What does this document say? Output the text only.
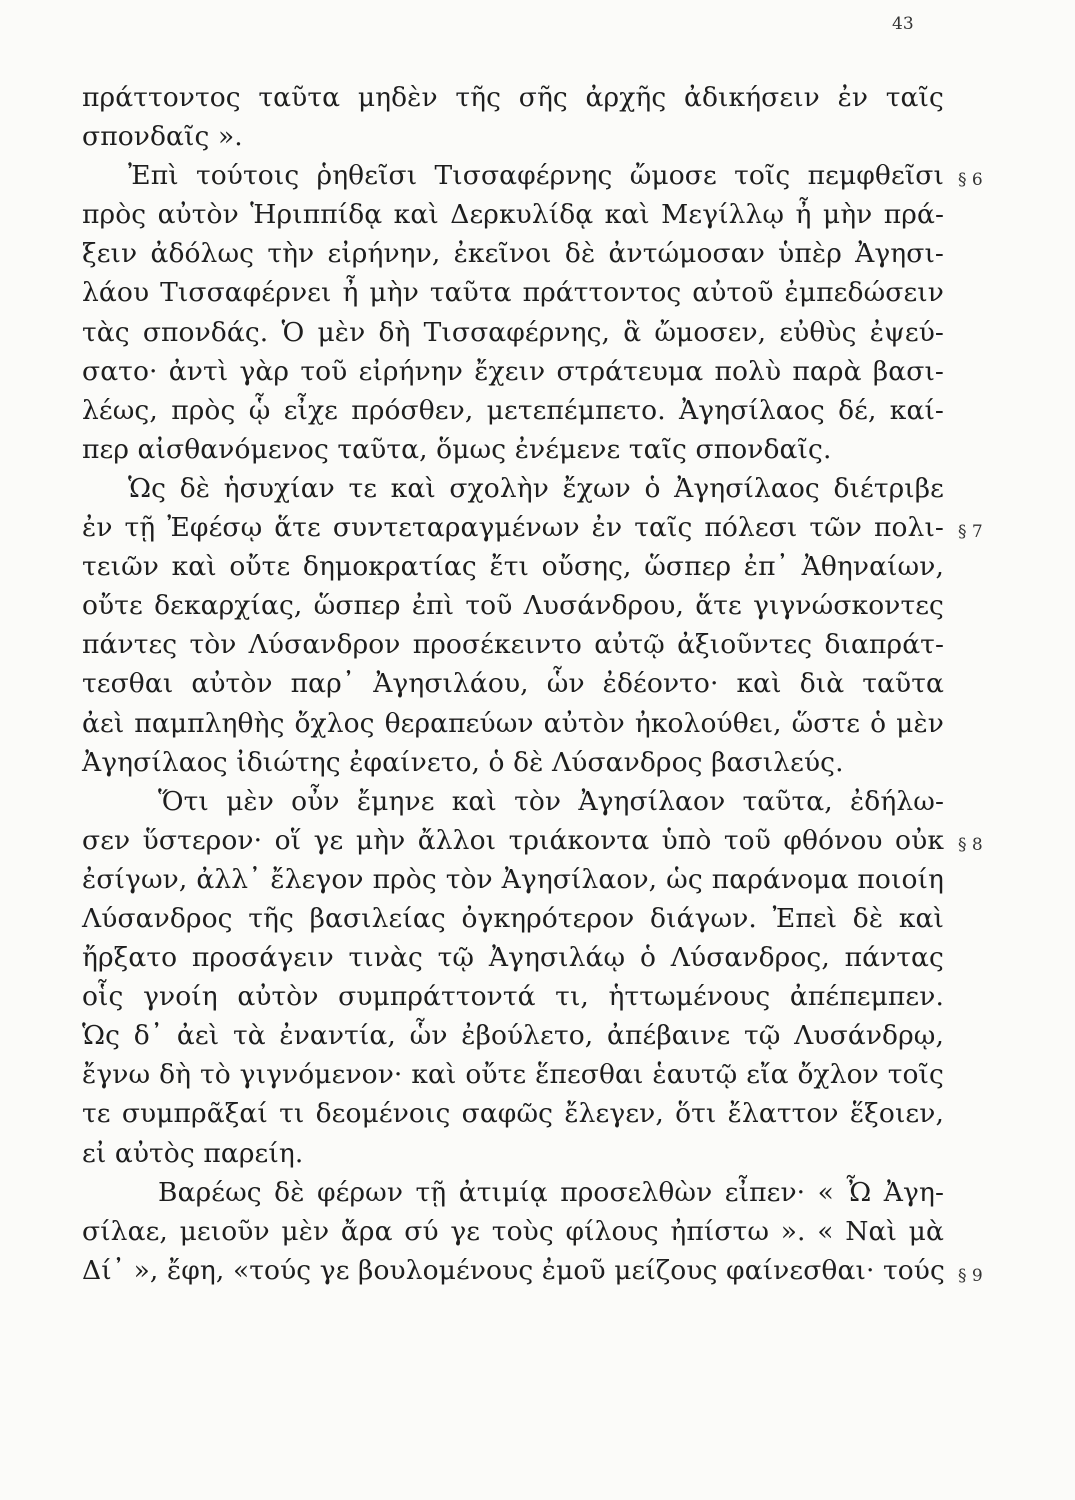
43
πράττοντος ταῦτα μηδὲν τῆς σῆς ἀρχῆς ἀδικήσειν ἐν ταῖς
σπονδαῖς ».
Ἐπὶ τούτοις ῥηθεῖσι Τισσαφέρνης ὤμοσε τοῖς πεμφθεῖσι
πρὸς αὐτὸν Ἡριππίδᾳ καὶ Δερκυλίδᾳ καὶ Μεγίλλῳ ἦ μὴν πρά-
ξειν ἀδόλως τὴν εἰρήνην, ἐκεῖνοι δὲ ἀντώμοσαν ὑπὲρ Ἀγησι-
λάου Τισσαφέρνει ἦ μὴν ταῦτα πράττοντος αὐτοῦ ἐμπεδώσειν
τὰς σπονδάς. Ὁ μὲν δὴ Τισσαφέρνης, ἃ ὤμοσεν, εὐθὺς ἐψεύ-
σατο· ἀντὶ γὰρ τοῦ εἰρήνην ἔχειν στράτευμα πολὺ παρὰ βασι-
λέως, πρὸς ᾧ εἶχε πρόσθεν, μετεπέμπετο. Ἀγησίλαος δέ, καί-
περ αἰσθανόμενος ταῦτα, ὅμως ἐνέμενε ταῖς σπονδαῖς.
Ὡς δὲ ἡσυχίαν τε καὶ σχολὴν ἔχων ὁ Ἀγησίλαος διέτριβε
ἐν τῇ Ἐφέσῳ ἅτε συντεταραγμένων ἐν ταῖς πόλεσι τῶν πολι-
τειῶν καὶ οὔτε δημοκρατίας ἔτι οὔσης, ὥσπερ ἐπ᾽ Ἀθηναίων,
οὔτε δεκαρχίας, ὥσπερ ἐπὶ τοῦ Λυσάνδρου, ἅτε γιγνώσκοντες
πάντες τὸν Λύσανδρον προσέκειντο αὐτῷ ἀξιοῦντες διαπράτ-
τεσθαι αὐτὸν παρ᾽ Ἀγησιλάου, ὧν ἐδέοντο· καὶ διὰ ταῦτα
ἀεὶ παμπληθὴς ὄχλος θεραπεύων αὐτὸν ἠκολούθει, ὥστε ὁ μὲν
Ἀγησίλαος ἰδιώτης ἐφαίνετο, ὁ δὲ Λύσανδρος βασιλεύς.
Ὅτι μὲν οὖν ἔμηνε καὶ τὸν Ἀγησίλαον ταῦτα, ἐδήλω-
σεν ὕστερον· οἵ γε μὴν ἄλλοι τριάκοντα ὑπὸ τοῦ φθόνου οὐκ
ἐσίγων, ἀλλ᾽ ἔλεγον πρὸς τὸν Ἀγησίλαον, ὡς παράνομα ποιοίη
Λύσανδρος τῆς βασιλείας ὀγκηρότερον διάγων. Ἐπεὶ δὲ καὶ
ἤρξατο προσάγειν τινὰς τῷ Ἀγησιλάῳ ὁ Λύσανδρος, πάντας
οἷς γνοίη αὐτὸν συμπράττοντά τι, ἡττωμένους ἀπέπεμπεν.
Ὡς δ᾽ ἀεὶ τὰ ἐναντία, ὧν ἐβούλετο, ἀπέβαινε τῷ Λυσάνδρῳ,
ἔγνω δὴ τὸ γιγνόμενον· καὶ οὔτε ἕπεσθαι ἑαυτῷ εἴα ὄχλον τοῖς
τε συμπρᾶξαί τι δεομένοις σαφῶς ἔλεγεν, ὅτι ἔλαττον ἕξοιεν,
εἰ αὐτὸς παρείη.
Βαρέως δὲ φέρων τῇ ἀτιμίᾳ προσελθὼν εἶπεν· « Ὦ Ἀγη-
σίλαε, μειοῦν μὲν ἄρα σύ γε τοὺς φίλους ἠπίστω ». « Ναὶ μὰ
Δί᾽ », ἔφη, «τούς γε βουλομένους ἐμοῦ μείζους φαίνεσθαι· τούς
§ 6
§ 7
§ 8
§ 9
